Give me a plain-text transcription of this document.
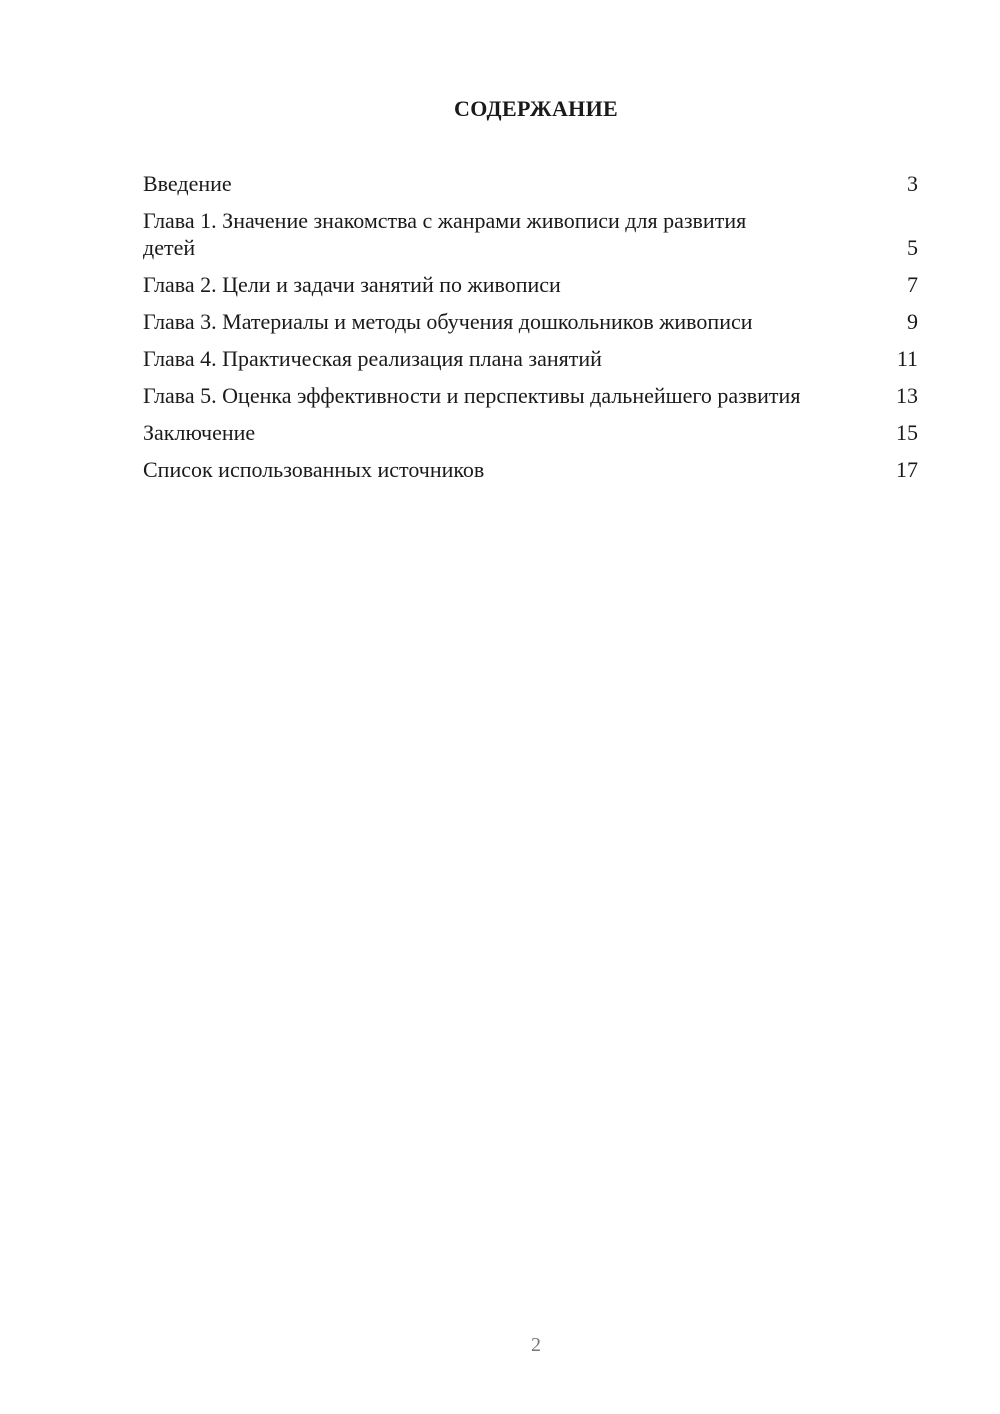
СОДЕРЖАНИЕ
Введение	3
Глава 1. Значение знакомства с жанрами живописи для развития детей	5
Глава 2. Цели и задачи занятий по живописи	7
Глава 3. Материалы и методы обучения дошкольников живописи	9
Глава 4. Практическая реализация плана занятий	11
Глава 5. Оценка эффективности и перспективы дальнейшего развития	13
Заключение	15
Список использованных источников	17
2
